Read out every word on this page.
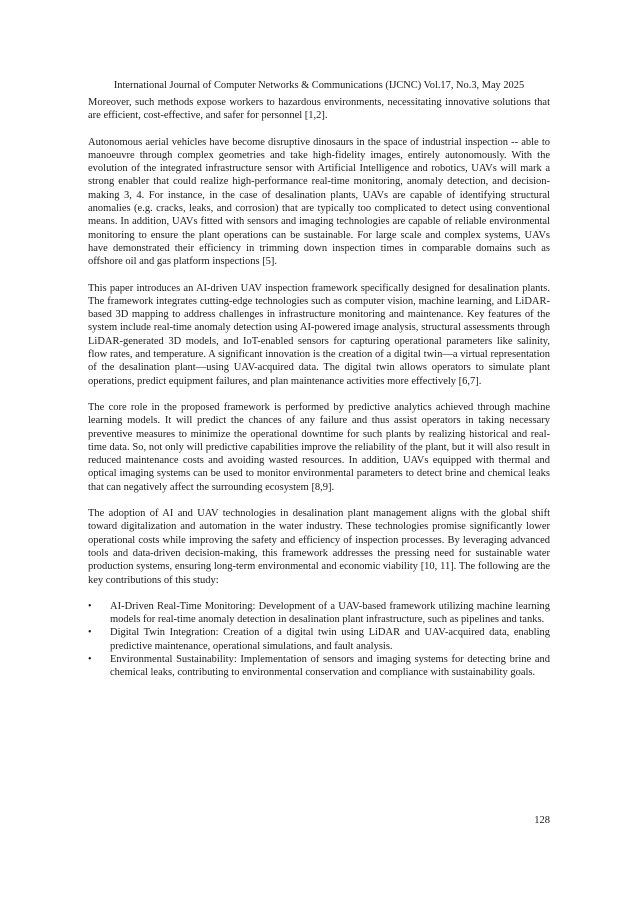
International Journal of Computer Networks & Communications (IJCNC) Vol.17, No.3, May 2025

Moreover, such methods expose workers to hazardous environments, necessitating innovative solutions that are efficient, cost-effective, and safer for personnel [1,2].

Autonomous aerial vehicles have become disruptive dinosaurs in the space of industrial inspection -- able to manoeuvre through complex geometries and take high-fidelity images, entirely autonomously. With the evolution of the integrated infrastructure sensor with Artificial Intelligence and robotics, UAVs will mark a strong enabler that could realize high-performance real-time monitoring, anomaly detection, and decision-making 3, 4. For instance, in the case of desalination plants, UAVs are capable of identifying structural anomalies (e.g. cracks, leaks, and corrosion) that are typically too complicated to detect using conventional means. In addition, UAVs fitted with sensors and imaging technologies are capable of reliable environmental monitoring to ensure the plant operations can be sustainable. For large scale and complex systems, UAVs have demonstrated their efficiency in trimming down inspection times in comparable domains such as offshore oil and gas platform inspections [5].

This paper introduces an AI-driven UAV inspection framework specifically designed for desalination plants. The framework integrates cutting-edge technologies such as computer vision, machine learning, and LiDAR-based 3D mapping to address challenges in infrastructure monitoring and maintenance. Key features of the system include real-time anomaly detection using AI-powered image analysis, structural assessments through LiDAR-generated 3D models, and IoT-enabled sensors for capturing operational parameters like salinity, flow rates, and temperature. A significant innovation is the creation of a digital twin—a virtual representation of the desalination plant—using UAV-acquired data. The digital twin allows operators to simulate plant operations, predict equipment failures, and plan maintenance activities more effectively [6,7].

The core role in the proposed framework is performed by predictive analytics achieved through machine learning models. It will predict the chances of any failure and thus assist operators in taking necessary preventive measures to minimize the operational downtime for such plants by realizing historical and real-time data. So, not only will predictive capabilities improve the reliability of the plant, but it will also result in reduced maintenance costs and avoiding wasted resources. In addition, UAVs equipped with thermal and optical imaging systems can be used to monitor environmental parameters to detect brine and chemical leaks that can negatively affect the surrounding ecosystem [8,9].

The adoption of AI and UAV technologies in desalination plant management aligns with the global shift toward digitalization and automation in the water industry. These technologies promise significantly lower operational costs while improving the safety and efficiency of inspection processes. By leveraging advanced tools and data-driven decision-making, this framework addresses the pressing need for sustainable water production systems, ensuring long-term environmental and economic viability [10, 11]. The following are the key contributions of this study:

• AI-Driven Real-Time Monitoring: Development of a UAV-based framework utilizing machine learning models for real-time anomaly detection in desalination plant infrastructure, such as pipelines and tanks.
• Digital Twin Integration: Creation of a digital twin using LiDAR and UAV-acquired data, enabling predictive maintenance, operational simulations, and fault analysis.
• Environmental Sustainability: Implementation of sensors and imaging systems for detecting brine and chemical leaks, contributing to environmental conservation and compliance with sustainability goals.
128
